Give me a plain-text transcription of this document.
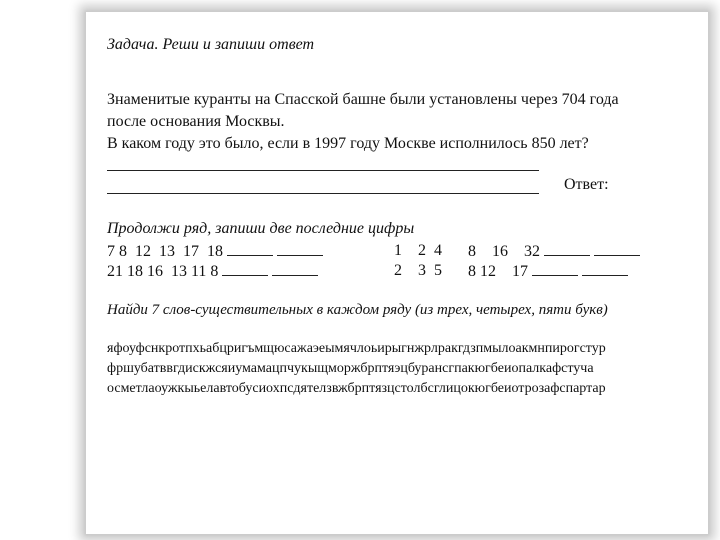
Задача. Реши и запиши ответ
Знаменитые куранты на Спасской башне были установлены через 704 года
после основания Москвы.
В каком году это было, если в 1997 году Москве исполнилось 850 лет?
Ответ:
Продолжи ряд, запиши две последние цифры
7 8  12  13  17  18	1    2  4 8    16    32
21 18 16  13 11 8	2    3  5 8 12    17
Найди 7 слов-существительных в каждом ряду (из трех, четырех, пяти букв)
яфоуфснкротпхьабцригъмщюсажаэеымячлоьирыгнжрлракгдзпмылоакмнпирогстур
фршубатввгдискжсяиумамацпчукыщморжбрптяэцбурансгпакюгбеиопалкафстуча
осметлаоужкыьелавтобусиохпсдятелзвжбрптязцстолбсглицокюгбеиотрозафспартар
